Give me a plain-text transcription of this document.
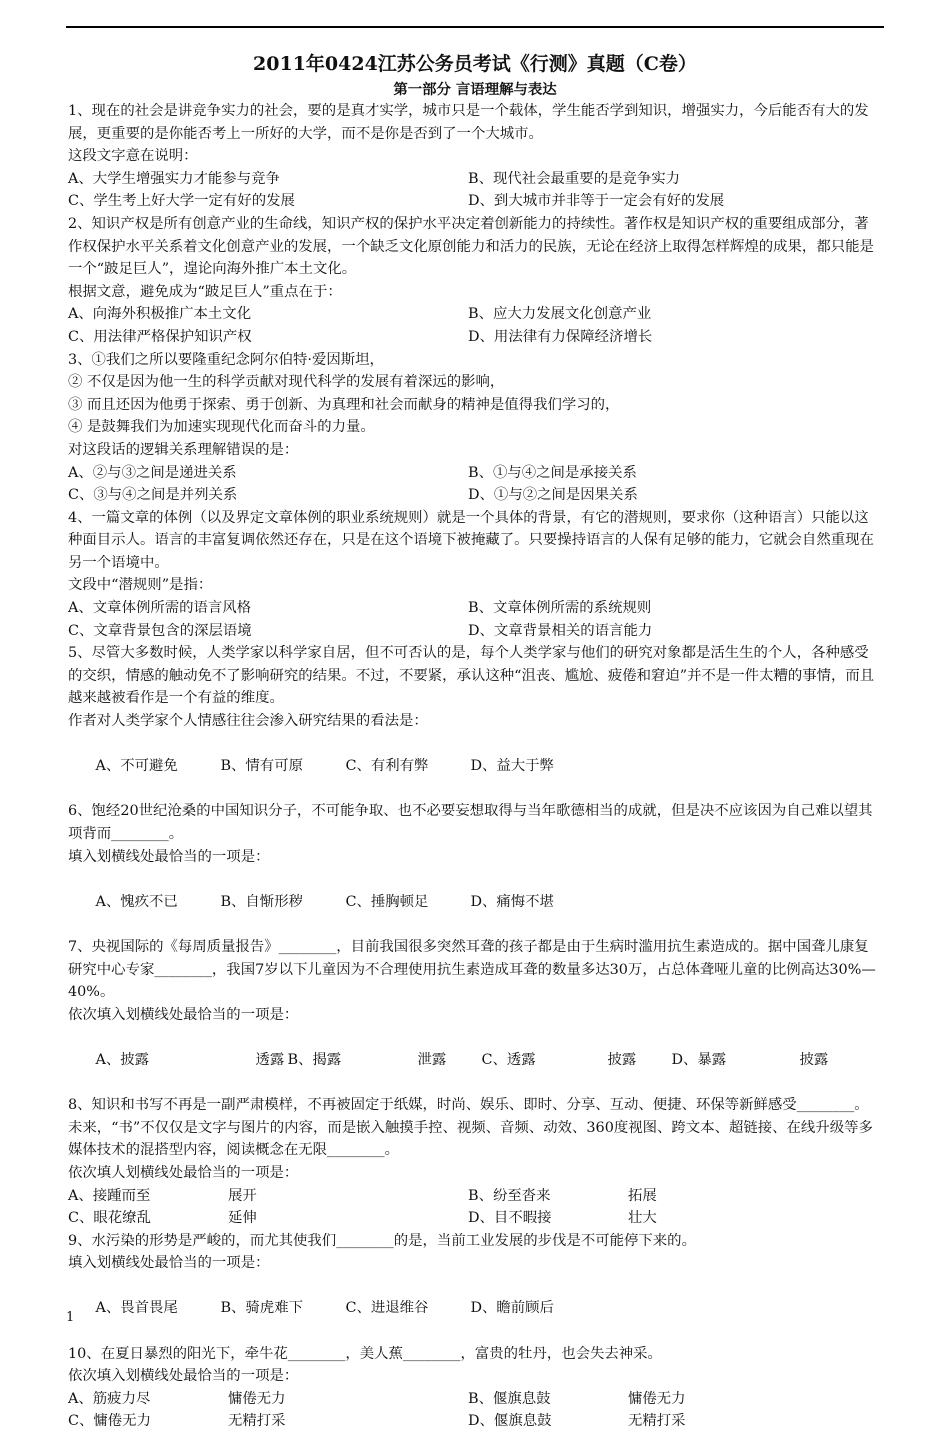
2011年0424江苏公务员考试《行测》真题（C卷）
第一部分 言语理解与表达

1、现在的社会是讲竞争实力的社会，要的是真才实学，城市只是一个载体，学生能否学到知识，增强实力，今后能否有大的发展，更重要的是你能否考上一所好的大学，而不是你是否到了一个大城市。

这段文字意在说明：

A、大学生增强实力才能参与竞争	B、现代社会最重要的是竞争实力
C、学生考上好大学一定有好的发展	D、到大城市并非等于一定会有好的发展

2、知识产权是所有创意产业的生命线，知识产权的保护水平决定着创新能力的持续性。著作权是知识产权的重要组成部分，著作权保护水平关系着文化创意产业的发展，一个缺乏文化原创能力和活力的民族，无论在经济上取得怎样辉煌的成果，都只能是一个“跛足巨人”，遑论向海外推广本土文化。

根据文意，避免成为“跛足巨人”重点在于：

A、向海外积极推广本土文化	B、应大力发展文化创意产业
C、用法律严格保护知识产权	D、用法律有力保障经济增长

3、①我们之所以要隆重纪念阿尔伯特·爱因斯坦，

② 不仅是因为他一生的科学贡献对现代科学的发展有着深远的影响，

③ 而且还因为他勇于探索、勇于创新、为真理和社会而献身的精神是值得我们学习的，

④ 是鼓舞我们为加速实现现代化而奋斗的力量。

对这段话的逻辑关系理解错误的是：

A、②与③之间是递进关系	B、①与④之间是承接关系
C、③与④之间是并列关系	D、①与②之间是因果关系

4、一篇文章的体例（以及界定文章体例的职业系统规则）就是一个具体的背景，有它的潜规则，要求你（这种语言）只能以这种面目示人。语言的丰富复调依然还存在，只是在这个语境下被掩藏了。只要操持语言的人保有足够的能力，它就会自然重现在另一个语境中。

文段中“潜规则”是指：

A、文章体例所需的语言风格	B、文章体例所需的系统规则
C、文章背景包含的深层语境	D、文章背景相关的语言能力

5、尽管大多数时候，人类学家以科学家自居，但不可否认的是，每个人类学家与他们的研究对象都是活生生的个人，各种感受的交织，情感的触动免不了影响研究的结果。不过，不要紧，承认这种“沮丧、尴尬、疲倦和窘迫”并不是一件太糟的事情，而且越来越被看作是一个有益的维度。

作者对人类学家个人情感往往会渗入研究结果的看法是：

A、不可避免	B、情有可原	C、有利有弊	D、益大于弊

6、饱经20世纪沧桑的中国知识分子，不可能争取、也不必要妄想取得与当年歌德相当的成就，但是决不应该因为自己难以望其项背而________。

填入划横线处最恰当的一项是：

A、愧疚不已	B、自惭形秽	C、捶胸顿足	D、痛悔不堪

7、央视国际的《每周质量报告》________，目前我国很多突然耳聋的孩子都是由于生病时滥用抗生素造成的。据中国聋儿康复研究中心专家________，我国7岁以下儿童因为不合理使用抗生素造成耳聋的数量多达30万，占总体聋哑儿童的比例高达30%—40%。

依次填入划横线处最恰当的一项是：

A、披露	透露 B、揭露	泄露 C、透露	披露 D、暴露	披露

8、知识和书写不再是一副严肃模样，不再被固定于纸媒，时尚、娱乐、即时、分享、互动、便捷、环保等新鲜感受________。未来，“书”不仅仅是文字与图片的内容，而是嵌入触摸手控、视频、音频、动效、360度视图、跨文本、超链接、在线升级等多媒体技术的混搭型内容，阅读概念在无限________。

依次填人划横线处最恰当的一项是：

A、接踵而至	展开	B、纷至沓来	拓展
C、眼花缭乱	延伸	D、目不暇接	壮大

9、水污染的形势是严峻的，而尤其使我们________的是，当前工业发展的步伐是不可能停下来的。

填入划横线处最恰当的一项是：

A、畏首畏尾	B、骑虎难下	C、进退维谷	D、瞻前顾后

10、在夏日暴烈的阳光下，牵牛花________，美人蕉________，富贵的牡丹，也会失去神采。

依次填入划横线处最恰当的一项是：

A、筋疲力尽	慵倦无力	B、偃旗息鼓	慵倦无力
C、慵倦无力	无精打采	D、偃旗息鼓	无精打采
1
